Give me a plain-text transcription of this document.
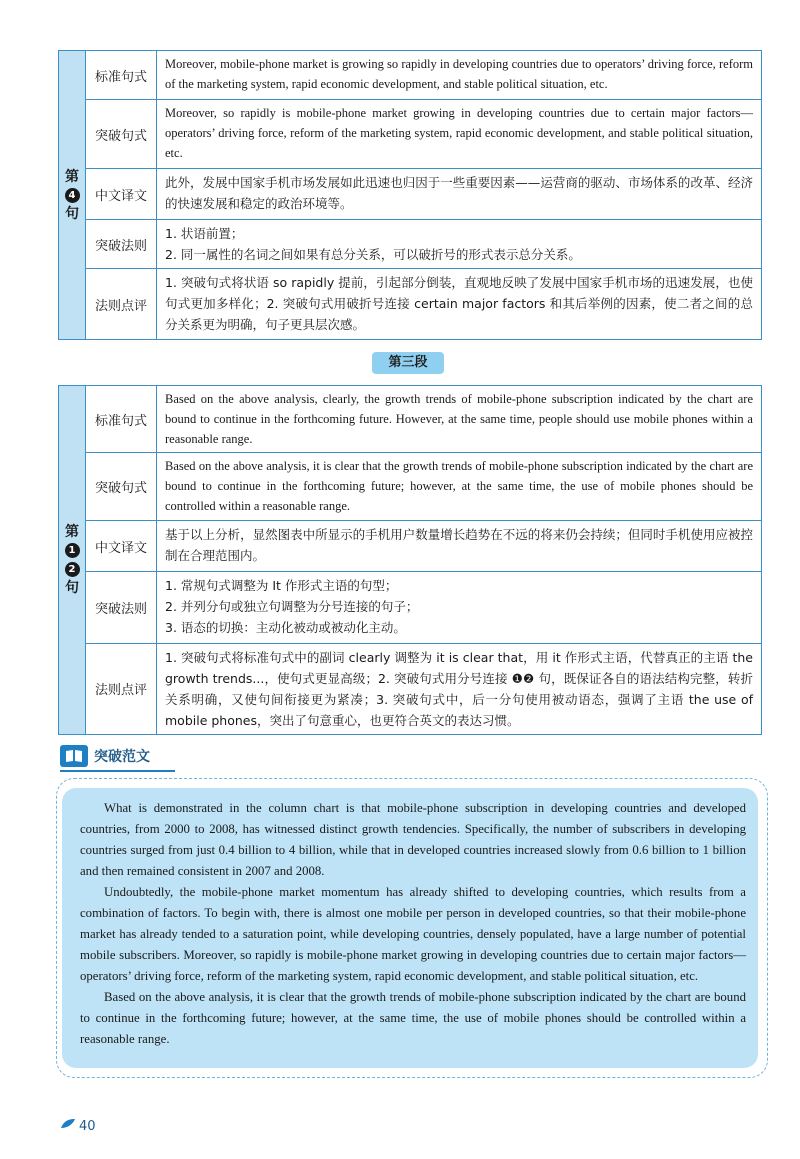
第
4
句
标准句式
Moreover, mobile-phone market is growing so rapidly in developing countries due to operators’ driving force, reform of the marketing system, rapid economic development, and stable political situation, etc.
突破句式
Moreover, so rapidly is mobile-phone market growing in developing countries due to certain major factors—operators’ driving force, reform of the marketing system, rapid economic development, and stable political situation, etc.
中文译文
此外，发展中国家手机市场发展如此迅速也归因于一些重要因素——运营商的驱动、市场体系的改革、经济的快速发展和稳定的政治环境等。
突破法则
1. 状语前置；
2. 同一属性的名词之间如果有总分关系，可以破折号的形式表示总分关系。
法则点评
1. 突破句式将状语 so rapidly 提前，引起部分倒装，直观地反映了发展中国家手机市场的迅速发展，也使句式更加多样化；2. 突破句式用破折号连接 certain major factors 和其后举例的因素，使二者之间的总分关系更为明确，句子更具层次感。
第三段
第
1
2
句
标准句式
Based on the above analysis, clearly, the growth trends of mobile-phone subscription indicated by the chart are bound to continue in the forthcoming future. However, at the same time, people should use mobile phones within a reasonable range.
突破句式
Based on the above analysis, it is clear that the growth trends of mobile-phone subscription indicated by the chart are bound to continue in the forthcoming future; however, at the same time, the use of mobile phones should be controlled within a reasonable range.
中文译文
基于以上分析，显然图表中所显示的手机用户数量增长趋势在不远的将来仍会持续；但同时手机使用应被控制在合理范围内。
突破法则
1. 常规句式调整为 It 作形式主语的句型；
2. 并列分句或独立句调整为分号连接的句子；
3. 语态的切换：主动化被动或被动化主动。
法则点评
1. 突破句式将标准句式中的副词 clearly 调整为 it is clear that，用 it 作形式主语，代替真正的主语 the growth trends...，使句式更显高级；2. 突破句式用分号连接 ❶❷ 句，既保证各自的语法结构完整，转折关系明确，又使句间衔接更为紧凑；3. 突破句式中，后一分句使用被动语态，强调了主语 the use of mobile phones，突出了句意重心，也更符合英文的表达习惯。
突破范文

What is demonstrated in the column chart is that mobile-phone subscription in developing countries and developed countries, from 2000 to 2008, has witnessed distinct growth tendencies. Specifically, the number of subscribers in developing countries surged from just 0.4 billion to 4 billion, while that in developed countries increased slowly from 0.6 billion to 1 billion and then remained consistent in 2007 and 2008.

Undoubtedly, the mobile-phone market momentum has already shifted to developing countries, which results from a combination of factors. To begin with, there is almost one mobile per person in developed countries, so that their mobile-phone market has already tended to a saturation point, while developing countries, densely populated, have a large number of potential mobile subscribers. Moreover, so rapidly is mobile-phone market growing in developing countries due to certain major factors—operators’ driving force, reform of the marketing system, rapid economic development, and stable political situation, etc.

Based on the above analysis, it is clear that the growth trends of mobile-phone subscription indicated by the chart are bound to continue in the forthcoming future; however, at the same time, the use of mobile phones should be controlled within a reasonable range.

40
